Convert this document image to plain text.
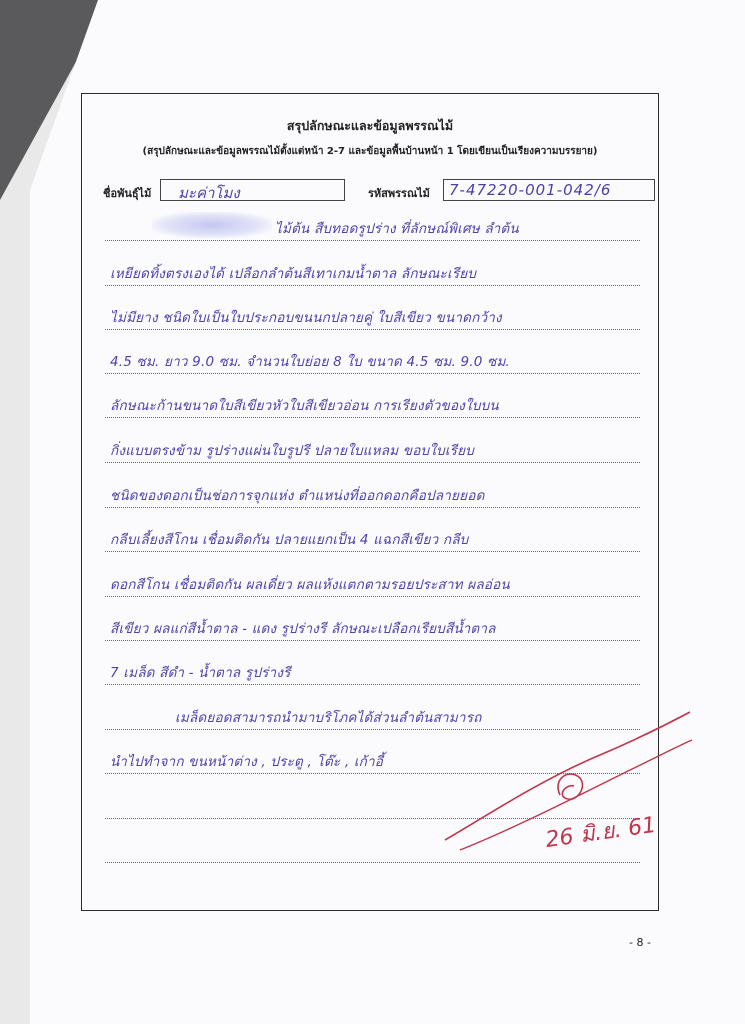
สรุปลักษณะและข้อมูลพรรณไม้
(สรุปลักษณะและข้อมูลพรรณไม้ตั้งแต่หน้า 2-7 และข้อมูลพื้นบ้านหน้า 1 โดยเขียนเป็นเรียงความบรรยาย)
ชื่อพันธุ์ไม้ มะค่าโมง	รหัสพรรณไม้ 7-47220-001-042/6
ไม้ต้น สืบทอดรูปร่าง ที่ลักษณ์พิเศษ ลำต้น
เหยียดทิ้งตรงเองได้ เปลือกลำต้นสีเทาเกมน้ำตาล ลักษณะเรียบ
ไม่มียาง ชนิดใบเป็นใบประกอบขนนกปลายคู่ ใบสีเขียว ขนาดกว้าง
4.5 ซม. ยาว 9.0 ซม. จำนวนใบย่อย 8 ใบ ขนาด 4.5 ซม. 9.0 ซม.
ลักษณะก้านขนาดใบสีเขียวหัวใบสีเขียวอ่อน การเรียงตัวของใบบน
กิ่งแบบตรงข้าม รูปร่างแผ่นใบรูปรี ปลายใบแหลม ขอบใบเรียบ
ชนิดของดอกเป็นช่อการจุกแห่ง ตำแหน่งที่ออกดอกคือปลายยอด
กลีบเลี้ยงสีโกน เชื่อมติดกัน ปลายแยกเป็น 4 แฉกสีเขียว กลีบ
ดอกสีโกน เชื่อมติดกัน ผลเดี่ยว ผลแห้งแตกตามรอยประสาท ผลอ่อน
สีเขียว ผลแก่สีน้ำตาล - แดง รูปร่างรี ลักษณะเปลือกเรียบสีน้ำตาล
7 เมล็ด สีดำ - น้ำตาล รูปร่างรี
เมล็ดยอดสามารถนำมาบริโภคได้ส่วนลำต้นสามารถ
นำไปทำจาก ขนหน้าต่าง , ประตู , โต๊ะ , เก้าอี้
26 มิ.ย. 61
- 8 -
